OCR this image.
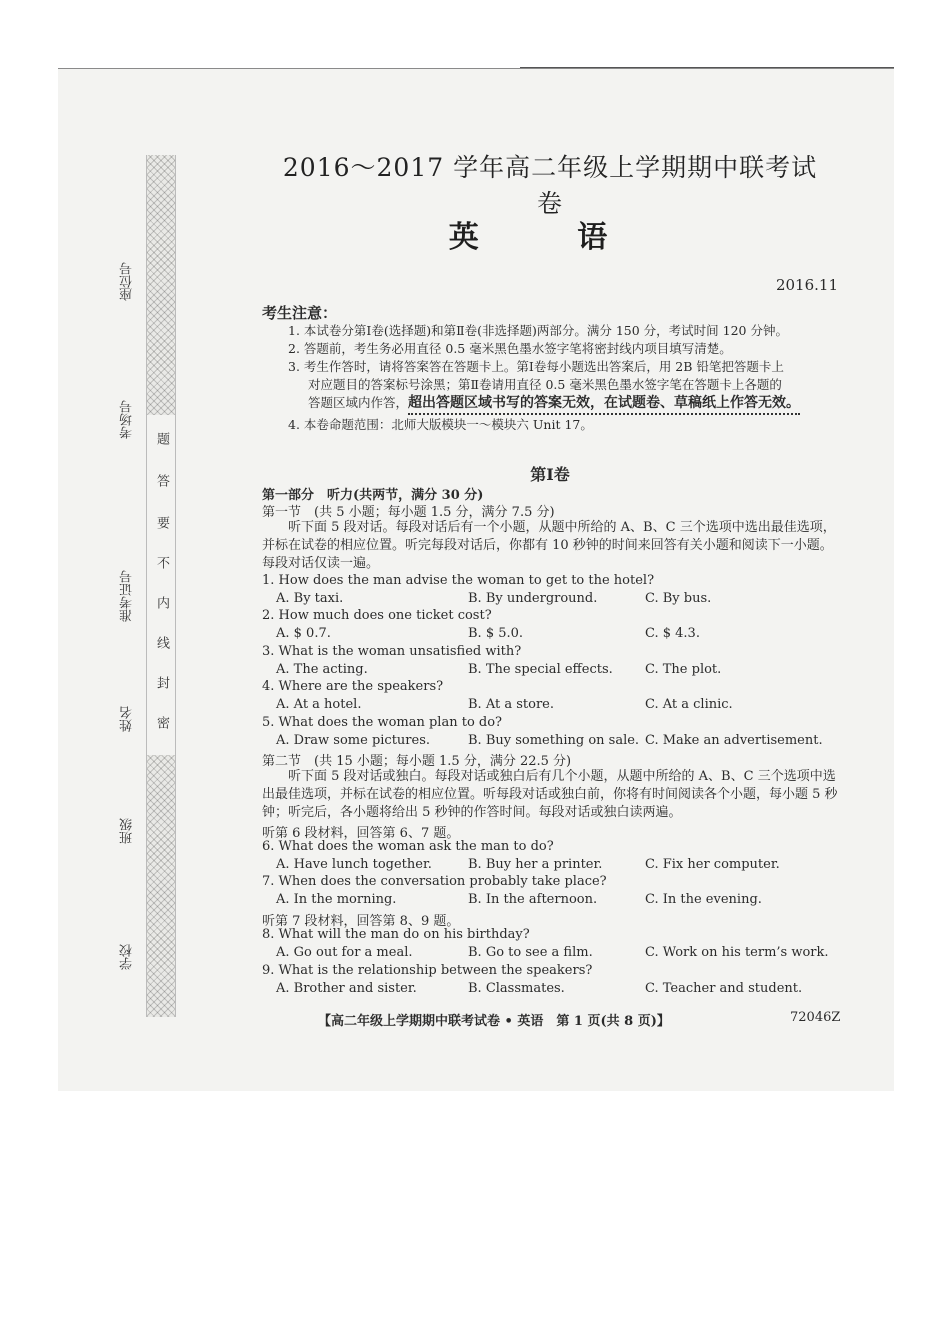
座位号
考场号
准考证号
姓名
班级
学校
题
答
要
不
内
线
封
密
2016～2017 学年高二年级上学期期中联考试卷
英 语
2016.11
考生注意：
1. 本试卷分第Ⅰ卷(选择题)和第Ⅱ卷(非选择题)两部分。满分 150 分，考试时间 120 分钟。
2. 答题前，考生务必用直径 0.5 毫米黑色墨水签字笔将密封线内项目填写清楚。
3. 考生作答时，请将答案答在答题卡上。第Ⅰ卷每小题选出答案后，用 2B 铅笔把答题卡上
对应题目的答案标号涂黑；第Ⅱ卷请用直径 0.5 毫米黑色墨水签字笔在答题卡上各题的
答题区域内作答，超出答题区域书写的答案无效，在试题卷、草稿纸上作答无效。
4. 本卷命题范围：北师大版模块一～模块六 Unit 17。
第Ⅰ卷
第一部分　听力(共两节，满分 30 分)
第一节　(共 5 小题；每小题 1.5 分，满分 7.5 分)
听下面 5 段对话。每段对话后有一个小题，从题中所给的 A、B、C 三个选项中选出最佳选项，并标在试卷的相应位置。听完每段对话后，你都有 10 秒钟的时间来回答有关小题和阅读下一小题。每段对话仅读一遍。
1. How does the man advise the woman to get to the hotel?
A. By taxi.	B. By underground.	C. By bus.
2. How much does one ticket cost?
A. $ 0.7.	B. $ 5.0.	C. $ 4.3.
3. What is the woman unsatisfied with?
A. The acting.	B. The special effects. C. The plot.
4. Where are the speakers?
A. At a hotel.	B. At a store.	C. At a clinic.
5. What does the woman plan to do?
A. Draw some pictures.	B. Buy something on sale. C. Make an advertisement.
第二节　(共 15 小题；每小题 1.5 分，满分 22.5 分)
听下面 5 段对话或独白。每段对话或独白后有几个小题，从题中所给的 A、B、C 三个选项中选出最佳选项，并标在试卷的相应位置。听每段对话或独白前，你将有时间阅读各个小题，每小题 5 秒钟；听完后，各小题将给出 5 秒钟的作答时间。每段对话或独白读两遍。
听第 6 段材料，回答第 6、7 题。
6. What does the woman ask the man to do?
A. Have lunch together.	B. Buy her a printer.	C. Fix her computer.
7. When does the conversation probably take place?
A. In the morning.	B. In the afternoon.	C. In the evening.
听第 7 段材料，回答第 8、9 题。
8. What will the man do on his birthday?
A. Go out for a meal.	B. Go to see a film.	C. Work on his term’s work.
9. What is the relationship between the speakers?
A. Brother and sister.	B. Classmates.	C. Teacher and student.
【高二年级上学期期中联考试卷 • 英语　第 1 页(共 8 页)】	72046Z
